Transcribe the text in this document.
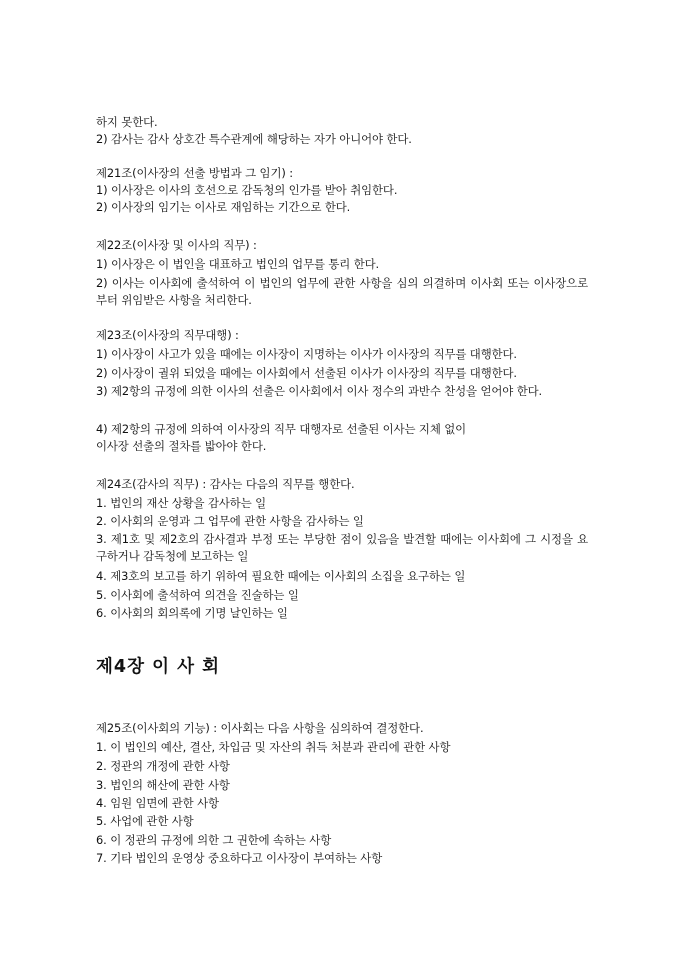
하지 못한다.
2) 감사는 감사 상호간 특수관계에 해당하는 자가 아니어야 한다.
제21조(이사장의 선출 방법과 그 임기) :
1) 이사장은 이사의 호선으로 감독청의 인가를 받아 취임한다.
2) 이사장의 임기는 이사로 재임하는 기간으로 한다.
제22조(이사장 및 이사의 직무) :
1) 이사장은 이 법인을 대표하고 법인의 업무를 통리 한다.
2) 이사는 이사회에 출석하여 이 법인의 업무에 관한 사항을 심의 의결하며 이사회 또는 이사장으로부터 위임받은 사항을 처리한다.
제23조(이사장의 직무대행) :
1) 이사장이 사고가 있을 때에는 이사장이 지명하는 이사가 이사장의 직무를 대행한다.
2) 이사장이 궐위 되었을 때에는 이사회에서 선출된 이사가 이사장의 직무를 대행한다.
3) 제2항의 규정에 의한 이사의 선출은 이사회에서 이사 정수의 과반수 찬성을 얻어야 한다.
4) 제2항의 규정에 의하여 이사장의 직무 대행자로 선출된 이사는 지체 없이
이사장 선출의 절차를 밟아야 한다.
제24조(감사의 직무) : 감사는 다음의 직무를 행한다.
1. 법인의 재산 상황을 감사하는 일
2. 이사회의 운영과 그 업무에 관한 사항을 감사하는 일
3. 제1호 및 제2호의 감사결과 부정 또는 부당한 점이 있음을 발견할 때에는 이사회에 그 시정을 요구하거나 감독청에 보고하는 일
4. 제3호의 보고를 하기 위하여 필요한 때에는 이사회의 소집을 요구하는 일
5. 이사회에 출석하여 의견을 진술하는 일
6. 이사회의 회의록에 기명 날인하는 일
제4장 이 사 회
제25조(이사회의 기능) : 이사회는 다음 사항을 심의하여 결정한다.
1. 이 법인의 예산, 결산, 차입금 및 자산의 취득 처분과 관리에 관한 사항
2. 정관의 개정에 관한 사항
3. 법인의 해산에 관한 사항
4. 임원 임면에 관한 사항
5. 사업에 관한 사항
6. 이 정관의 규정에 의한 그 권한에 속하는 사항
7. 기타 법인의 운영상 중요하다고 이사장이 부여하는 사항
